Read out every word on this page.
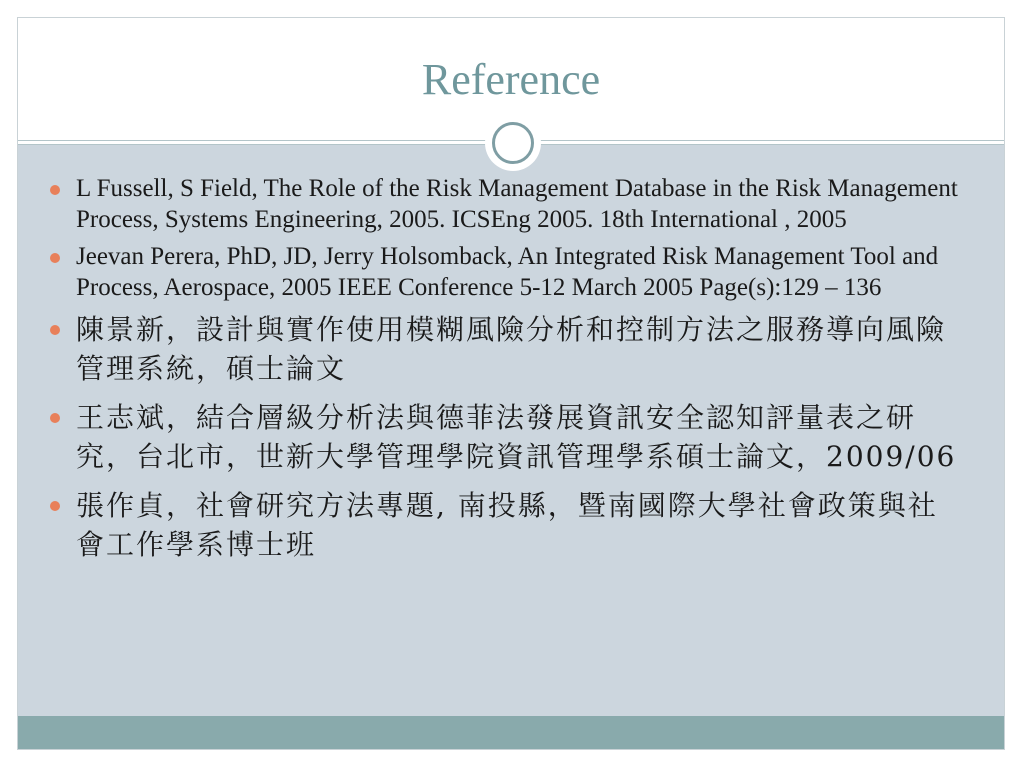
Reference
L Fussell, S Field, The Role of the Risk Management Database in the Risk Management Process, Systems Engineering, 2005. ICSEng 2005. 18th International , 2005
Jeevan Perera, PhD, JD, Jerry Holsomback, An Integrated Risk Management Tool and Process, Aerospace, 2005 IEEE Conference 5-12 March 2005 Page(s):129 – 136
陳景新，設計與實作使用模糊風險分析和控制方法之服務導向風險管理系統，碩士論文
王志斌，結合層級分析法與德菲法發展資訊安全認知評量表之研究，台北市，世新大學管理學院資訊管理學系碩士論文，2009/06
張作貞，社會研究方法專題, 南投縣，暨南國際大學社會政策與社會工作學系博士班
